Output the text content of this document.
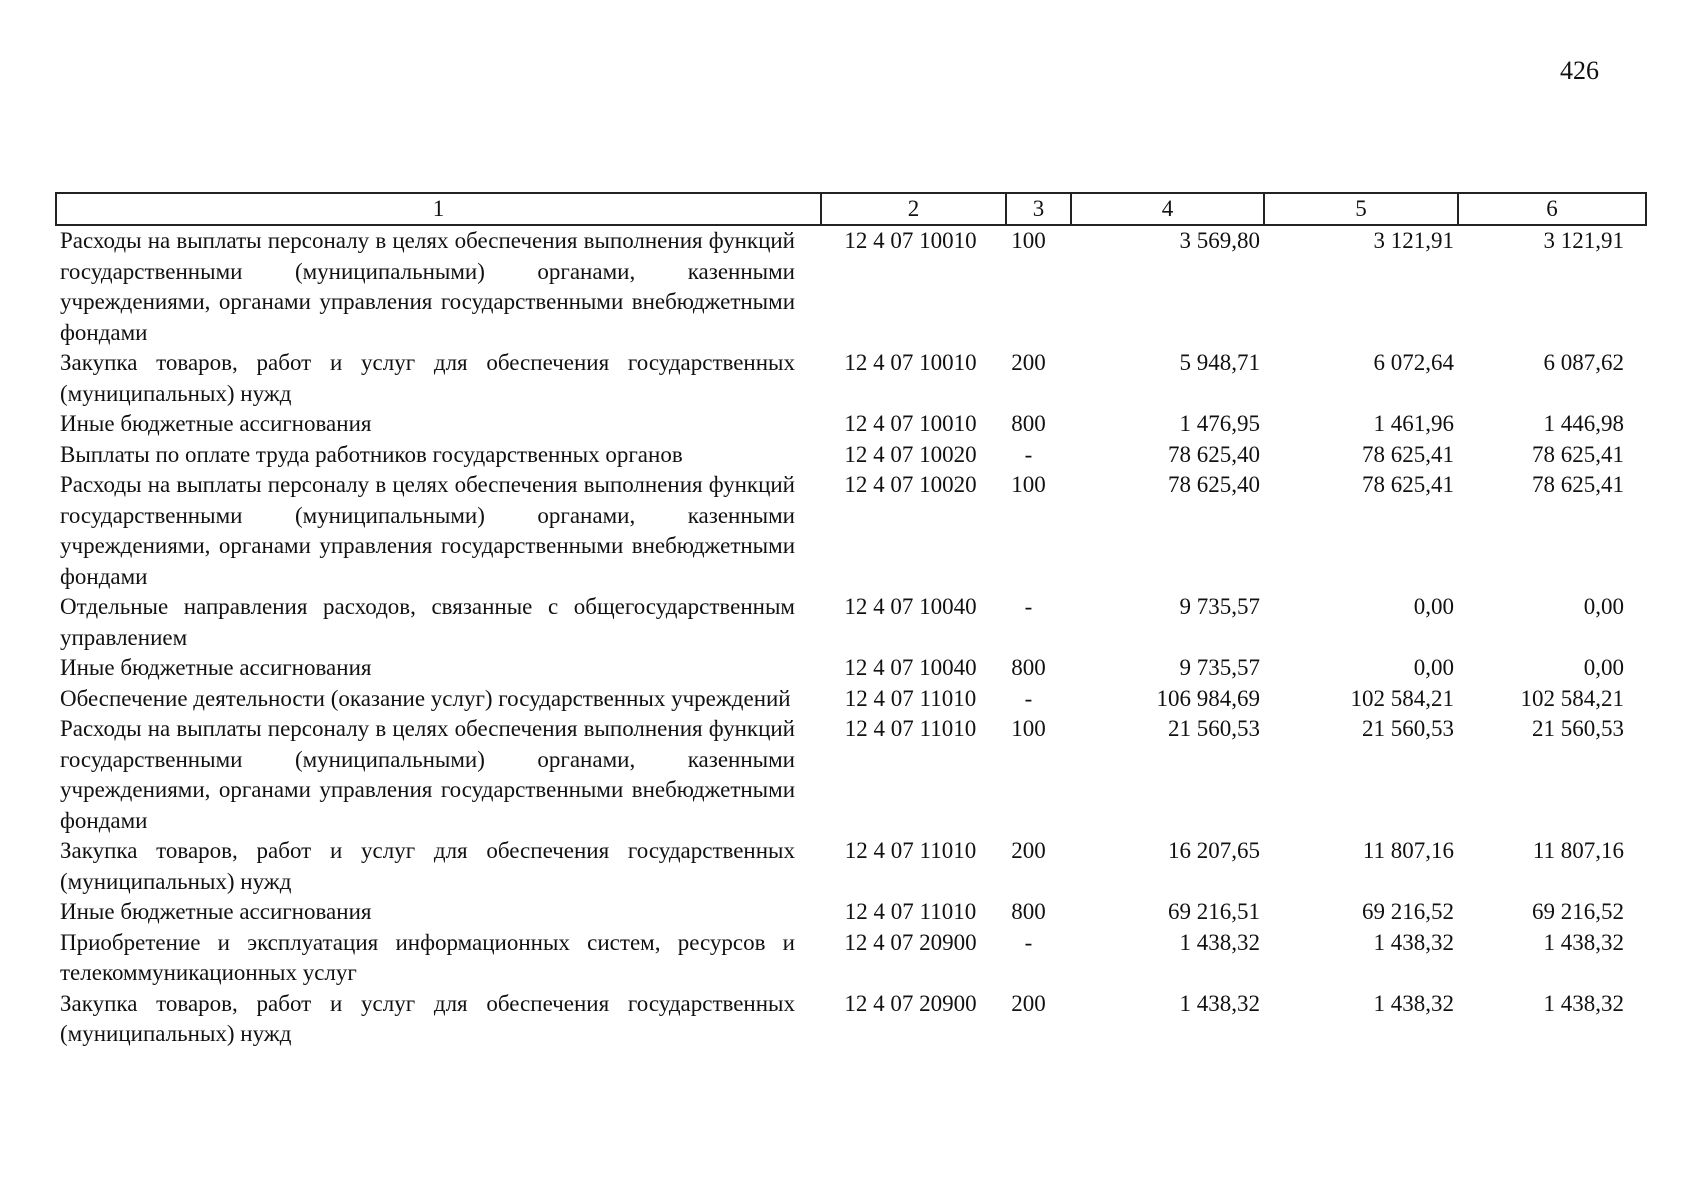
426
1	2	3	4	5	6
Расходы на выплаты персоналу в целях обеспечения выполнения функций государственными (муниципальными) органами, казенными учреждениями, органами управления государственными внебюджетными фондами	12 4 07 10010	100	3 569,80	3 121,91	3 121,91
Закупка товаров, работ и услуг для обеспечения государственных (муниципальных) нужд	12 4 07 10010	200	5 948,71	6 072,64	6 087,62
Иные бюджетные ассигнования	12 4 07 10010	800	1 476,95	1 461,96	1 446,98
Выплаты по оплате труда работников государственных органов	12 4 07 10020	-	78 625,40	78 625,41	78 625,41
Расходы на выплаты персоналу в целях обеспечения выполнения функций государственными (муниципальными) органами, казенными учреждениями, органами управления государственными внебюджетными фондами	12 4 07 10020	100	78 625,40	78 625,41	78 625,41
Отдельные направления расходов, связанные с общегосударственным управлением	12 4 07 10040	-	9 735,57	0,00	0,00
Иные бюджетные ассигнования	12 4 07 10040	800	9 735,57	0,00	0,00
Обеспечение деятельности (оказание услуг) государственных учреждений	12 4 07 11010	-	106 984,69	102 584,21	102 584,21
Расходы на выплаты персоналу в целях обеспечения выполнения функций государственными (муниципальными) органами, казенными учреждениями, органами управления государственными внебюджетными фондами	12 4 07 11010	100	21 560,53	21 560,53	21 560,53
Закупка товаров, работ и услуг для обеспечения государственных (муниципальных) нужд	12 4 07 11010	200	16 207,65	11 807,16	11 807,16
Иные бюджетные ассигнования	12 4 07 11010	800	69 216,51	69 216,52	69 216,52
Приобретение и эксплуатация информационных систем, ресурсов и телекоммуникационных услуг	12 4 07 20900	-	1 438,32	1 438,32	1 438,32
Закупка товаров, работ и услуг для обеспечения государственных (муниципальных) нужд	12 4 07 20900	200	1 438,32	1 438,32	1 438,32
